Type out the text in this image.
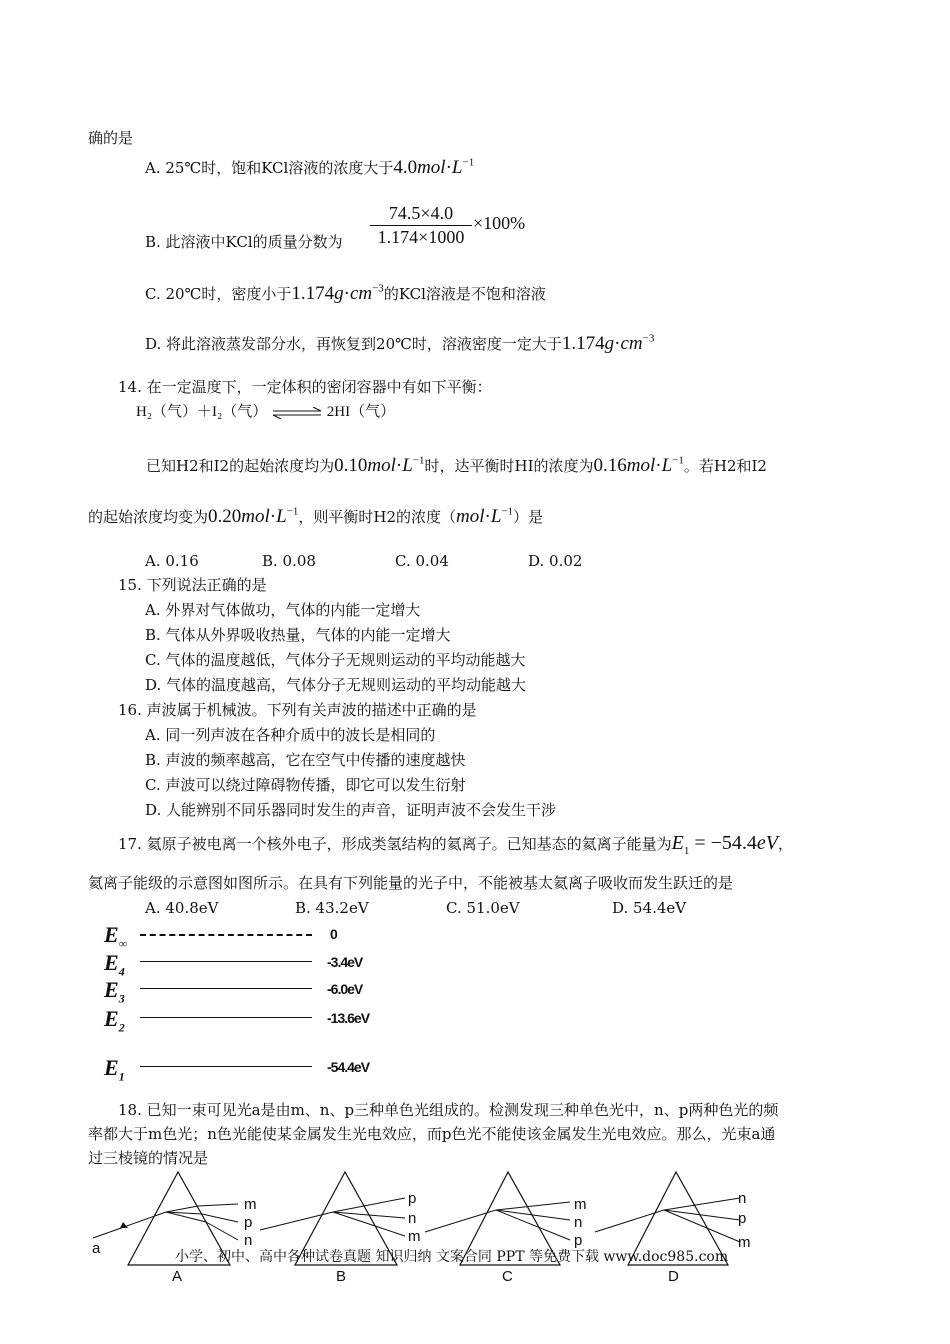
确的是
A. 25℃时，饱和KCl溶液的浓度大于$4.0mol\cdot L^{-1}$
B. 此溶液中KCl的质量分数为
74.5×4.0
1.174×1000
×100%
C. 20℃时，密度小于$1.174g\cdot cm^{-3}$的KCl溶液是不饱和溶液
D. 将此溶液蒸发部分水，再恢复到20℃时，溶液密度一定大于$1.174g\cdot cm^{-3}$
14. 在一定温度下，一定体积的密闭容器中有如下平衡：
H₂（气）＋I₂（气） ⇌ 2HI（气）
已知H2和I2的起始浓度均为$0.10mol\cdot L^{-1}$时，达平衡时HI的浓度为$0.16mol\cdot L^{-1}$。若H2和I2
的起始浓度均变为$0.20mol\cdot L^{-1}$，则平衡时H2的浓度$(mol\cdot L^{-1})$是
A. 0.16	B. 0.08	C. 0.04	D. 0.02
15. 下列说法正确的是
A. 外界对气体做功，气体的内能一定增大
B. 气体从外界吸收热量，气体的内能一定增大
C. 气体的温度越低，气体分子无规则运动的平均动能越大
D. 气体的温度越高，气体分子无规则运动的平均动能越大
16. 声波属于机械波。下列有关声波的描述中正确的是
A. 同一列声波在各种介质中的波长是相同的
B. 声波的频率越高，它在空气中传播的速度越快
C. 声波可以绕过障碍物传播，即它可以发生衍射
D. 人能辨别不同乐器同时发生的声音，证明声波不会发生干涉
17. 氦原子被电离一个核外电子，形成类氢结构的氦离子。已知基态的氦离子能量为$E_1 = -54.4eV$，
氦离子能级的示意图如图所示。在具有下列能量的光子中，不能被基太氦离子吸收而发生跃迁的是
A. 40.8eV	B. 43.2eV	C. 51.0eV	D. 54.4eV
$E_\infty$
0
$E_4$
-3.4eV
$E_3$
-6.0eV
$E_2$
-13.6eV
$E_1$
-54.4eV
18. 已知一束可见光a是由m、n、p三种单色光组成的。检测发现三种单色光中，n、p两种色光的频
率都大于m色光；n色光能使某金属发生光电效应，而p色光不能使该金属发生光电效应。那么，光束a通
过三棱镜的情况是
m
p
n
a
A
p
n
m
B
m
n
p
C
n
p
m
D
小学、初中、高中各种试卷真题 知识归纳 文案合同 PPT 等免费下载 www.doc985.com
